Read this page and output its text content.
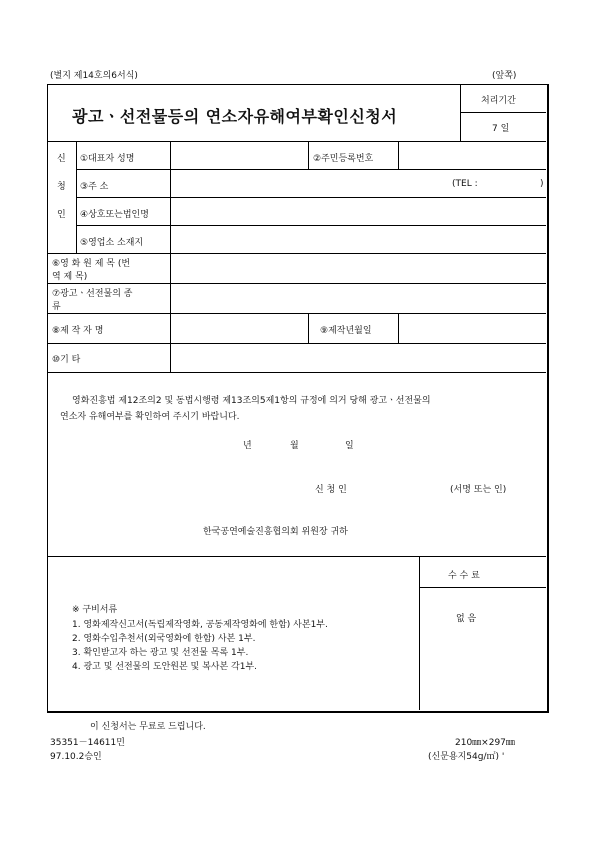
(별지 제14호의6서식)	(앞쪽)
광고ㆍ선전물등의 연소자유해여부확인신청서
처리기간
7 일
신
청
인
①대표자 성명	②주민등록번호
③주 소	(TEL :	)
④상호또는법인명
⑤영업소 소재지
⑥영 화 원 제 목 (번
역 제 목)
⑦광고ㆍ선전물의 종
류
⑧제 작 자 명	⑨제작년월일
⑩기 타
영화진흥법 제12조의2 및 동법시행령 제13조의5제1항의 규정에 의거 당해 광고ㆍ선전물의
연소자 유해여부를 확인하여 주시기 바랍니다.
년	월	일
신 청 인	(서명 또는 인)
한국공연예술진흥협의회 위원장 귀하
※ 구비서류
1. 영화제작신고서(독립제작영화, 공동제작영화에 한함) 사본1부.
2. 영화수입추천서(외국영화에 한함) 사본 1부.
3. 확인받고자 하는 광고 및 선전물 목록 1부.
4. 광고 및 선전물의 도안원본 및 복사본 각1부.
수 수 료
없 음
이 신청서는 무료로 드립니다.
35351－14611민
97.10.2승인
210㎜×297㎜
(신문용지54g/㎡) '
